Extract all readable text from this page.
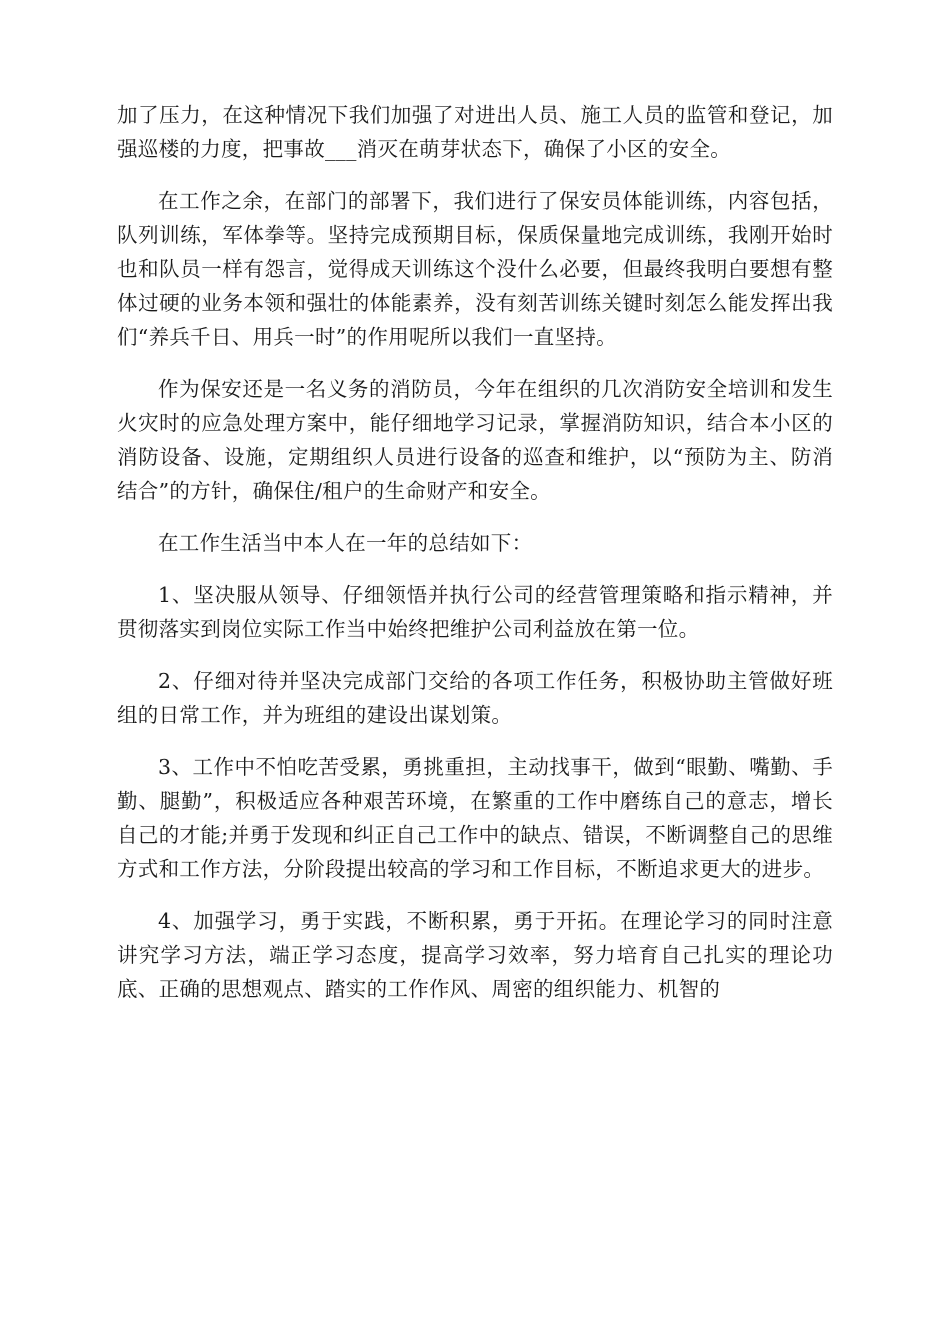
加了压力，在这种情况下我们加强了对进出人员、施工人员的监管和登记，加强巡楼的力度，把事故___消灭在萌芽状态下，确保了小区的安全。

在工作之余，在部门的部署下，我们进行了保安员体能训练，内容包括，队列训练，军体拳等。坚持完成预期目标，保质保量地完成训练，我刚开始时也和队员一样有怨言，觉得成天训练这个没什么必要，但最终我明白要想有整体过硬的业务本领和强壮的体能素养，没有刻苦训练关键时刻怎么能发挥出我们“养兵千日、用兵一时”的作用呢所以我们一直坚持。

作为保安还是一名义务的消防员，今年在组织的几次消防安全培训和发生火灾时的应急处理方案中，能仔细地学习记录，掌握消防知识，结合本小区的消防设备、设施，定期组织人员进行设备的巡查和维护，以“预防为主、防消结合”的方针，确保住/租户的生命财产和安全。

在工作生活当中本人在一年的总结如下：

1、坚决服从领导、仔细领悟并执行公司的经营管理策略和指示精神，并贯彻落实到岗位实际工作当中始终把维护公司利益放在第一位。

2、仔细对待并坚决完成部门交给的各项工作任务，积极协助主管做好班组的日常工作，并为班组的建设出谋划策。

3、工作中不怕吃苦受累，勇挑重担，主动找事干，做到“眼勤、嘴勤、手勤、腿勤”，积极适应各种艰苦环境，在繁重的工作中磨练自己的意志，增长自己的才能;并勇于发现和纠正自己工作中的缺点、错误，不断调整自己的思维方式和工作方法，分阶段提出较高的学习和工作目标，不断追求更大的进步。

4、加强学习，勇于实践，不断积累，勇于开拓。在理论学习的同时注意讲究学习方法，端正学习态度，提高学习效率，努力培育自己扎实的理论功底、正确的思想观点、踏实的工作作风、周密的组织能力、机智的
